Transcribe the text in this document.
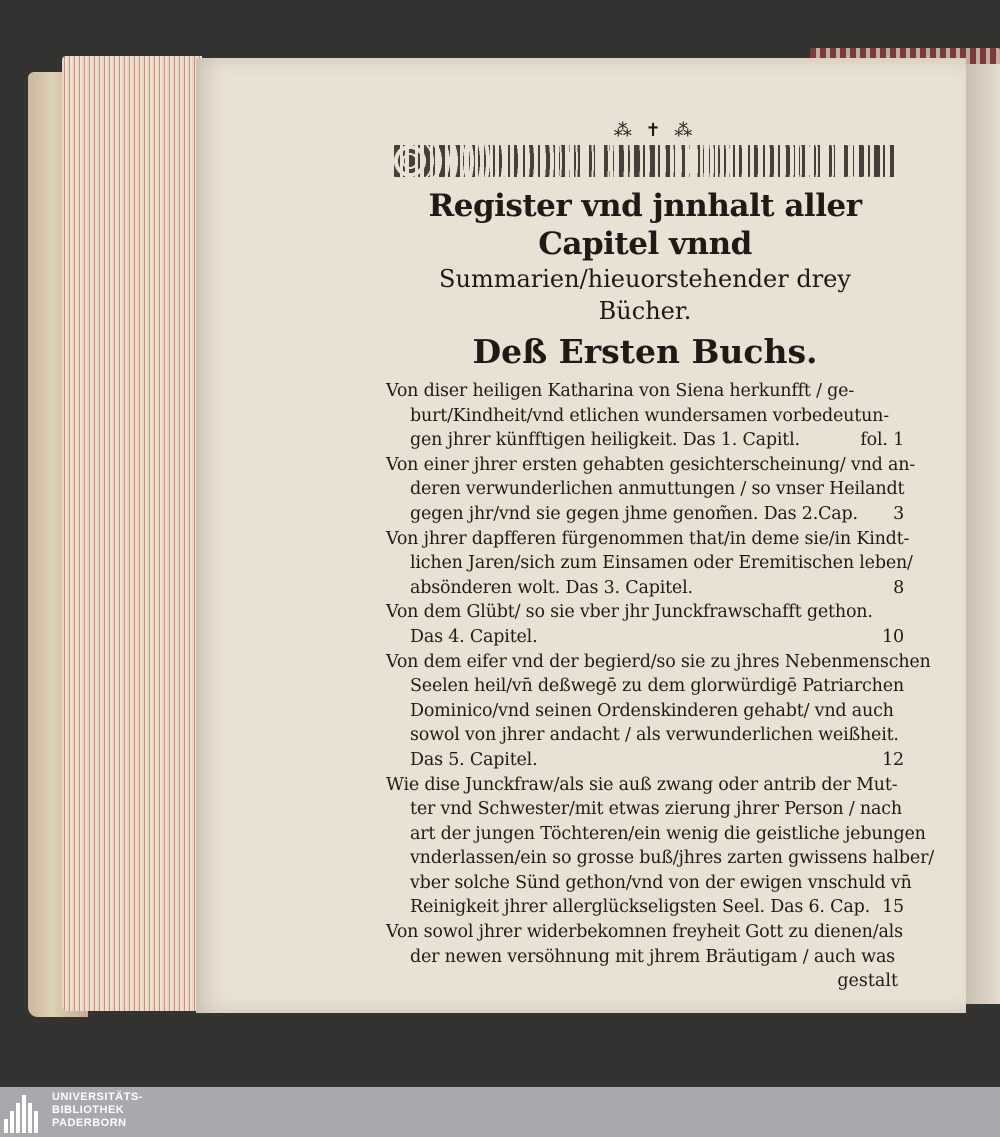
⁂ ✝ ⁂
Register vnd jnnhalt aller Capitel vnnd
Summarien/hieuorstehender drey
Bücher.
Deß Ersten Buchs.
Von diser heiligen Katharina von Siena herkunfft / ge-
burt/Kindheit/vnd etlichen wundersamen vorbedeutun-
gen jhrer künfftigen heiligkeit. Das 1. Capitl.	fol. 1
Von einer jhrer ersten gehabten gesichterscheinung/ vnd an-
deren verwunderlichen anmuttungen / so vnser Heilandt
gegen jhr/vnd sie gegen jhme genom̃en. Das 2.Cap. 3
Von jhrer dapfferen fürgenommen that/in deme sie/in Kindt-
lichen Jaren/sich zum Einsamen oder Eremitischen leben/
absönderen wolt. Das 3. Capitel.	8
Von dem Glübt/ so sie vber jhr Junckfrawschafft gethon.
Das 4. Capitel.	10
Von dem eifer vnd der begierd/so sie zu jhres Nebenmenschen
Seelen heil/vn̄ deßwegē zu dem glorwürdigē Patriarchen
Dominico/vnd seinen Ordenskinderen gehabt/ vnd auch
sowol von jhrer andacht / als verwunderlichen weißheit.
Das 5. Capitel.	12
Wie dise Junckfraw/als sie auß zwang oder antrib der Mut-
ter vnd Schwester/mit etwas zierung jhrer Person / nach
art der jungen Töchteren/ein wenig die geistliche jebungen
vnderlassen/ein so grosse buß/jhres zarten gwissens halber/
vber solche Sünd gethon/vnd von der ewigen vnschuld vn̄
Reinigkeit jhrer allerglückseligsten Seel. Das 6. Cap. 15
Von sowol jhrer widerbekomnen freyheit Gott zu dienen/als
der newen versöhnung mit jhrem Bräutigam / auch was
gestalt
UNIVERSITÄTS-
BIBLIOTHEK
PADERBORN
